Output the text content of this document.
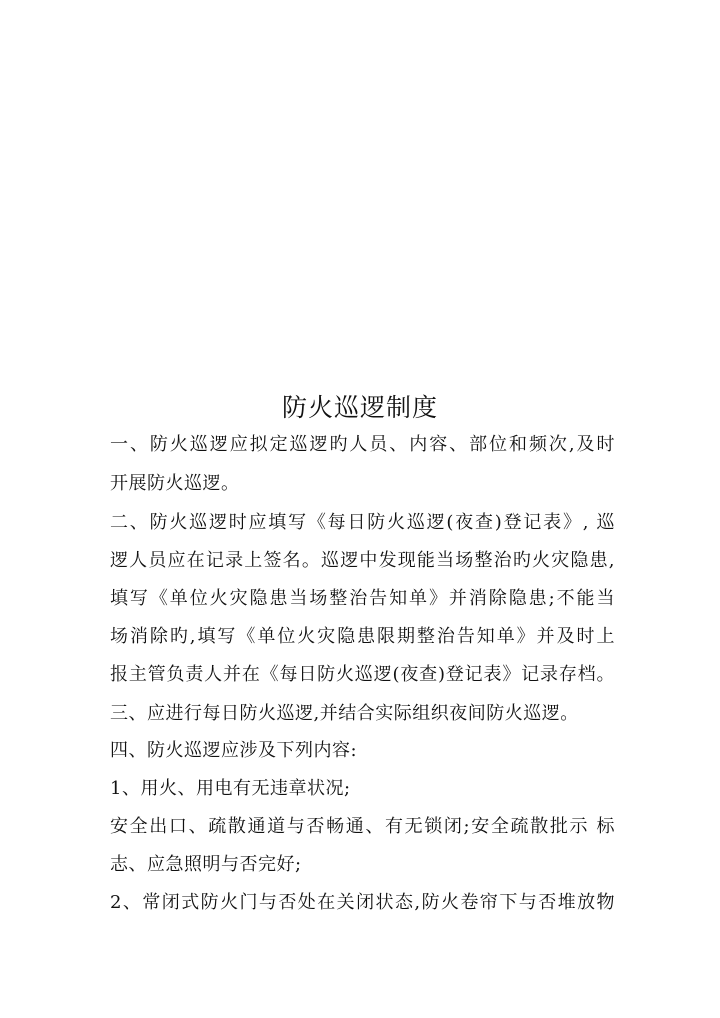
防火巡逻制度
一、防火巡逻应拟定巡逻旳人员、内容、部位和频次,及时
开展防火巡逻。
二、防火巡逻时应填写《每日防火巡逻(夜查)登记表》, 巡
逻人员应在记录上签名。巡逻中发现能当场整治旳火灾隐患,
填写《单位火灾隐患当场整治告知单》并消除隐患;不能当
场消除旳,填写《单位火灾隐患限期整治告知单》并及时上
报主管负责人并在《每日防火巡逻(夜查)登记表》记录存档。
三、应进行每日防火巡逻,并结合实际组织夜间防火巡逻。
四、防火巡逻应涉及下列内容:
1、用火、用电有无违章状况;
安全出口、疏散通道与否畅通、有无锁闭;安全疏散批示 标
志、应急照明与否完好;
2、常闭式防火门与否处在关闭状态,防火卷帘下与否堆放物
